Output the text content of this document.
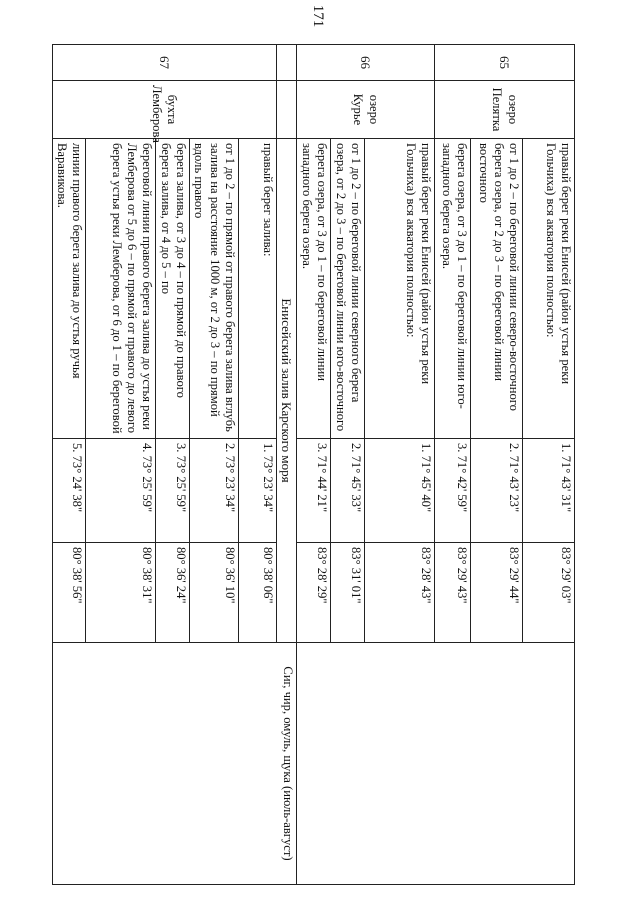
171
65	озеро Пелятка	правый берег реки Енисей (район устья реки Гольчиха) вся акватория полностью:	1. 71° 43' 31"	83° 29' 03"	
		от 1 до 2 – по береговой линии северо-восточного берега озера, от 2 до 3 – по береговой линии восточного	2. 71° 43' 23"	83° 29' 44"	
		берега озера, от 3 до 1 – по береговой линии юго-западного берега озера.	3. 71° 42' 59"	83° 29' 43"	
66	озеро Курье	правый берег реки Енисей (район устья реки Гольчиха) вся акватория полностью:	1. 71° 45' 40"	83° 28' 43"	
		от 1 до 2 – по береговой линии северного берега озера, от 2 до 3 – по береговой линии юго-восточного	2. 71° 45' 33"	83° 31' 01"	
		берега озера, от 3 до 1 – по береговой линии западного берега озера.	3. 71° 44' 21"	83° 28' 29"	
		Енисейский залив Карского моря			Сиг, чир, омуль, щука (июль-август)
67	бухта Лемберова	правый берег залива:	1. 73° 23' 34"	80° 38' 06"	
		от 1 до 2 – по прямой от правого берега залива вглубь залива на расстояние 1000 м, от 2 до 3 – по прямой вдоль правого	2. 73° 23' 34"	80° 36' 10"	
		берега залива, от 3 до 4 – по прямой до правого берега залива, от 4 до 5 – по	3. 73° 25' 59"	80° 36' 24"	
		береговой линии правого берега залива до устья реки Лемберова от 5 до 6 – по прямой от правого до левого берега устья реки Лемберова, от 6 до 1 – по береговой	4. 73° 25' 59"	80° 38' 31"	
		линии правого берега залива до устья ручья Варавикова.	5. 73° 24' 38"	80° 38' 56"	
